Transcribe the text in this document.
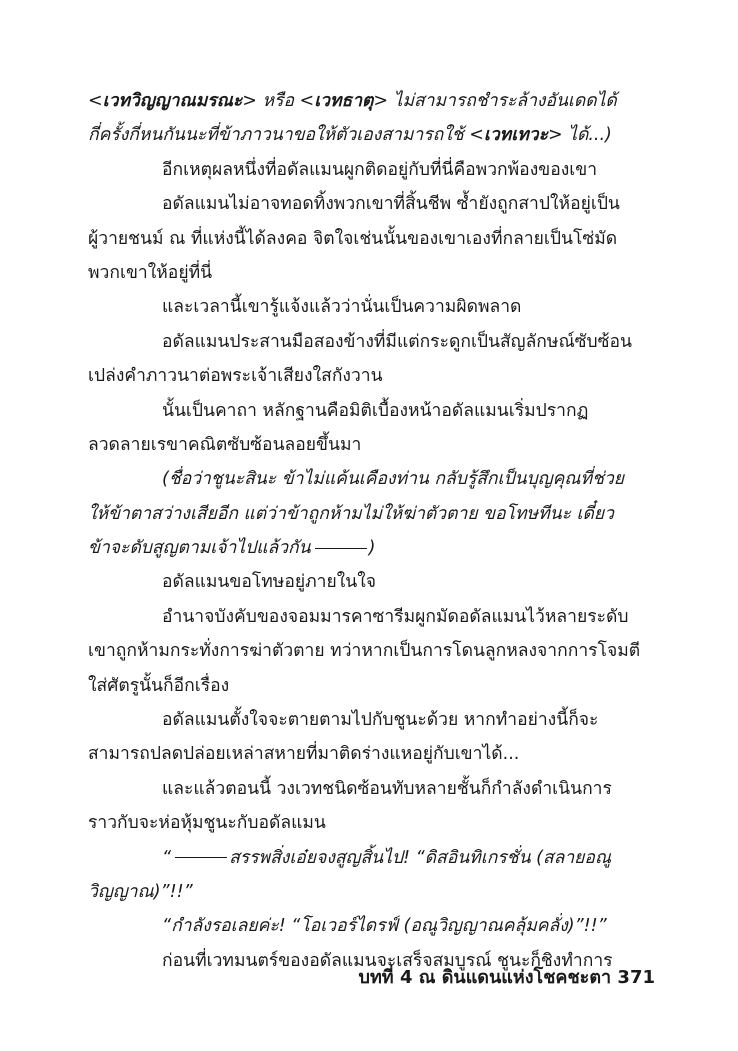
<เวทวิญญาณมรณะ> หรือ <เวทธาตุ> ไม่สามารถชำระล้างอันเดดได้
กี่ครั้งกี่หนกันนะที่ข้าภาวนาขอให้ตัวเองสามารถใช้ <เวทเทวะ> ได้...)
อีกเหตุผลหนึ่งที่อดัลแมนผูกติดอยู่กับที่นี่คือพวกพ้องของเขา
อดัลแมนไม่อาจทอดทิ้งพวกเขาที่สิ้นชีพ ซ้ำยังถูกสาปให้อยู่เป็น
ผู้วายชนม์ ณ ที่แห่งนี้ได้ลงคอ จิตใจเช่นนั้นของเขาเองที่กลายเป็นโซ่มัด
พวกเขาให้อยู่ที่นี่
และเวลานี้เขารู้แจ้งแล้วว่านั่นเป็นความผิดพลาด
อดัลแมนประสานมือสองข้างที่มีแต่กระดูกเป็นสัญลักษณ์ซับซ้อน
เปล่งคำภาวนาต่อพระเจ้าเสียงใสกังวาน
นั้นเป็นคาถา หลักฐานคือมิติเบื้องหน้าอดัลแมนเริ่มปรากฏ
ลวดลายเรขาคณิตซับซ้อนลอยขึ้นมา
(ชื่อว่าชูนะสินะ ข้าไม่แค้นเคืองท่าน กลับรู้สึกเป็นบุญคุณที่ช่วย
ให้ข้าตาสว่างเสียอีก แต่ว่าข้าถูกห้ามไม่ให้ฆ่าตัวตาย ขอโทษทีนะ เดี๋ยว
ข้าจะดับสูญตามเจ้าไปแล้วกัน	)
อดัลแมนขอโทษอยู่ภายในใจ
อำนาจบังคับของจอมมารคาซารีมผูกมัดอดัลแมนไว้หลายระดับ
เขาถูกห้ามกระทั่งการฆ่าตัวตาย ทว่าหากเป็นการโดนลูกหลงจากการโจมตี
ใส่ศัตรูนั้นก็อีกเรื่อง
อดัลแมนตั้งใจจะตายตามไปกับชูนะด้วย หากทำอย่างนี้ก็จะ
สามารถปลดปล่อยเหล่าสหายที่มาติดร่างแหอยู่กับเขาได้...
และแล้วตอนนี้ วงเวทชนิดซ้อนทับหลายชั้นก็กำลังดำเนินการ
ราวกับจะห่อหุ้มชูนะกับอดัลแมน
“	สรรพสิ่งเอ๋ยจงสูญสิ้นไป! “ดิสอินทิเกรชั่น (สลายอณู
วิญญาณ)”!!”
“กำลังรอเลยค่ะ! “โอเวอร์ไดรฟ์ (อณูวิญญาณคลุ้มคลั่ง)”!!”
ก่อนที่เวทมนตร์ของอดัลแมนจะเสร็จสมบูรณ์ ชูนะก็ชิงทำการ
บทที่ 4 ณ ดินแดนแห่งโชคชะตา 371
